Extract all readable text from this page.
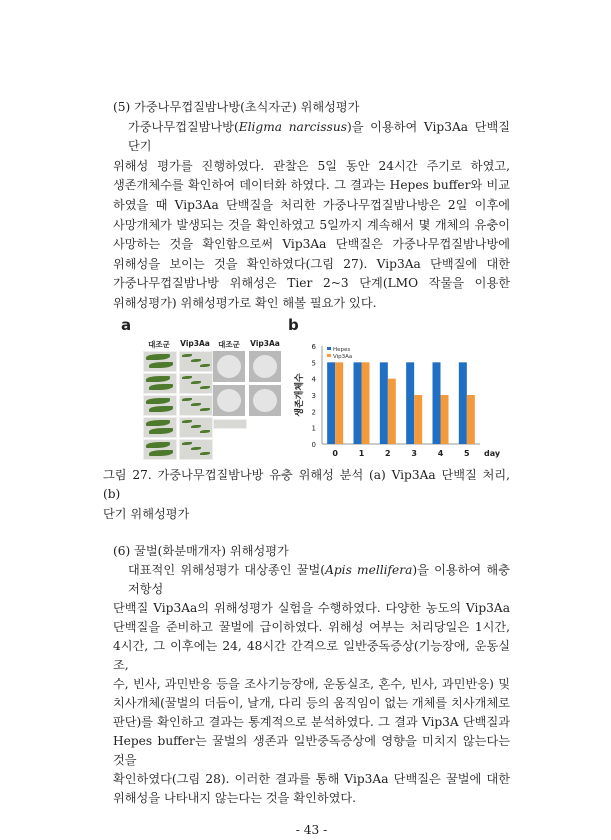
(5) 가중나무껍질밤나방(초식자군) 위해성평가
가중나무껍질밤나방(Eligma narcissus)을 이용하여 Vip3Aa 단백질 단기
위해성 평가를 진행하였다. 관찰은 5일 동안 24시간 주기로 하였고,
생존개체수를 확인하여 데이터화 하였다. 그 결과는 Hepes buffer와 비교
하였을 때 Vip3Aa 단백질을 처리한 가중나무껍질밤나방은 2일 이후에
사망개체가 발생되는 것을 확인하였고 5일까지 계속해서 몇 개체의 유충이
사망하는 것을 확인함으로써 Vip3Aa 단백질은 가중나무껍질밤나방에
위해성을 보이는 것을 확인하였다(그림 27). Vip3Aa 단백질에 대한
가중나무껍질밤나방 위해성은 Tier 2~3 단계(LMO 작물을 이용한
위해성평가) 위해성평가로 확인 해볼 필요가 있다.
a	b
대조군	Vip3Aa	대조군	Vip3Aa
0
1
2
3
4
5
6
0	1	2	3	4	5 day
생존개체수
Hepes
Vip3Aa
그림 27. 가중나무껍질밤나방 유충 위해성 분석 (a) Vip3Aa 단백질 처리, (b)
단기 위해성평가
(6) 꿀벌(화분매개자) 위해성평가
대표적인 위해성평가 대상종인 꿀벌(Apis mellifera)을 이용하여 해충저항성
단백질 Vip3Aa의 위해성평가 실험을 수행하였다. 다양한 농도의 Vip3Aa
단백질을 준비하고 꿀벌에 급이하였다. 위해성 여부는 처리당일은 1시간,
4시간, 그 이후에는 24, 48시간 간격으로 일반중독증상(기능장애, 운동실조,
수, 빈사, 과민반응 등을 조사기능장애, 운동실조, 혼수, 빈사, 과민반응) 및
치사개체(꿀벌의 더듬이, 날개, 다리 등의 움직임이 없는 개체를 치사개체로
판단)를 확인하고 결과는 통계적으로 분석하였다. 그 결과 Vip3A 단백질과
Hepes buffer는 꿀벌의 생존과 일반중독증상에 영향을 미치지 않는다는 것을
확인하였다(그림 28). 이러한 결과를 통해 Vip3Aa 단백질은 꿀벌에 대한
위해성을 나타내지 않는다는 것을 확인하였다.
- 43 -
